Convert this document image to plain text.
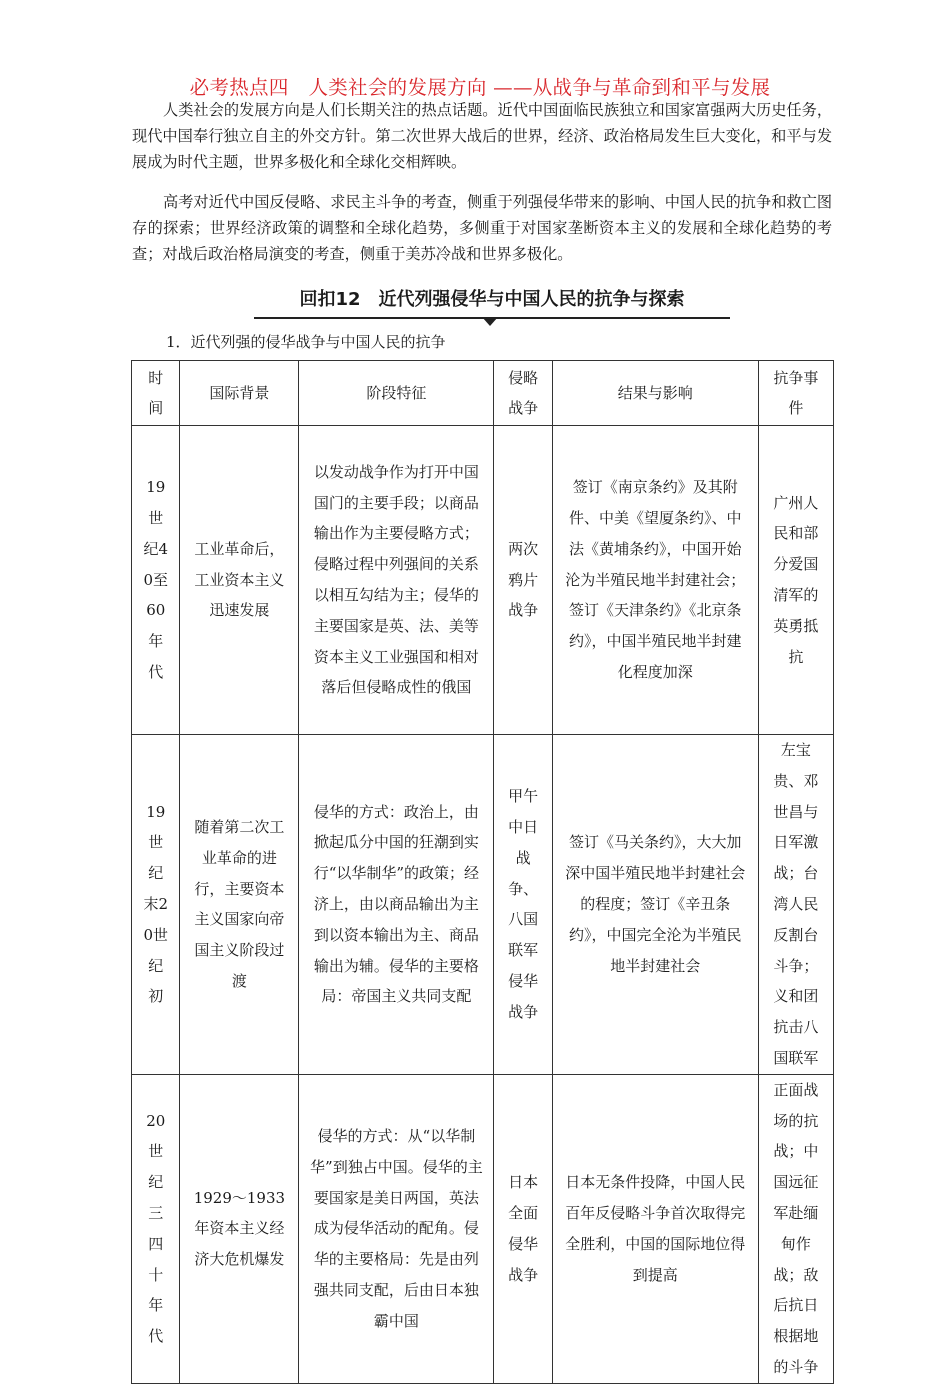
必考热点四　人类社会的发展方向 ——从战争与革命到和平与发展

人类社会的发展方向是人们长期关注的热点话题。近代中国面临民族独立和国家富强两大历史任务，现代中国奉行独立自主的外交方针。第二次世界大战后的世界，经济、政治格局发生巨大变化，和平与发展成为时代主题，世界多极化和全球化交相辉映。

高考对近代中国反侵略、求民主斗争的考查，侧重于列强侵华带来的影响、中国人民的抗争和救亡图存的探索；世界经济政策的调整和全球化趋势，多侧重于对国家垄断资本主义的发展和全球化趋势的考查；对战后政治格局演变的考查，侧重于美苏冷战和世界多极化。

回扣12　近代列强侵华与中国人民的抗争与探索
1．近代列强的侵华战争与中国人民的抗争
时间	国际背景	阶段特征	侵略战争	结果与影响	抗争事件
19世纪40至60年代	工业革命后，工业资本主义迅速发展	以发动战争作为打开中国国门的主要手段；以商品输出作为主要侵略方式；侵略过程中列强间的关系以相互勾结为主；侵华的主要国家是英、法、美等资本主义工业强国和相对落后但侵略成性的俄国	两次鸦片战争	签订《南京条约》及其附件、中美《望厦条约》、中法《黄埔条约》，中国开始沦为半殖民地半封建社会；签订《天津条约》《北京条约》，中国半殖民地半封建化程度加深	广州人民和部分爱国清军的英勇抵抗
19世纪末20世纪初	随着第二次工业革命的进行，主要资本主义国家向帝国主义阶段过渡	侵华的方式：政治上，由掀起瓜分中国的狂潮到实行“以华制华”的政策；经济上，由以商品输出为主到以资本输出为主、商品输出为辅。侵华的主要格局：帝国主义共同支配	甲午中日战争、八国联军侵华战争	签订《马关条约》，大大加深中国半殖民地半封建社会的程度；签订《辛丑条约》，中国完全沦为半殖民地半封建社会	左宝贵、邓世昌与日军激战；台湾人民反割台斗争；义和团抗击八国联军
20世纪三四十年代	1929～1933年资本主义经济大危机爆发	侵华的方式：从“以华制华”到独占中国。侵华的主要国家是美日两国，英法成为侵华活动的配角。侵华的主要格局：先是由列强共同支配，后由日本独霸中国	日本全面侵华战争	日本无条件投降，中国人民百年反侵略斗争首次取得完全胜利，中国的国际地位得到提高	正面战场的抗战；中国远征军赴缅甸作战；敌后抗日根据地的斗争
